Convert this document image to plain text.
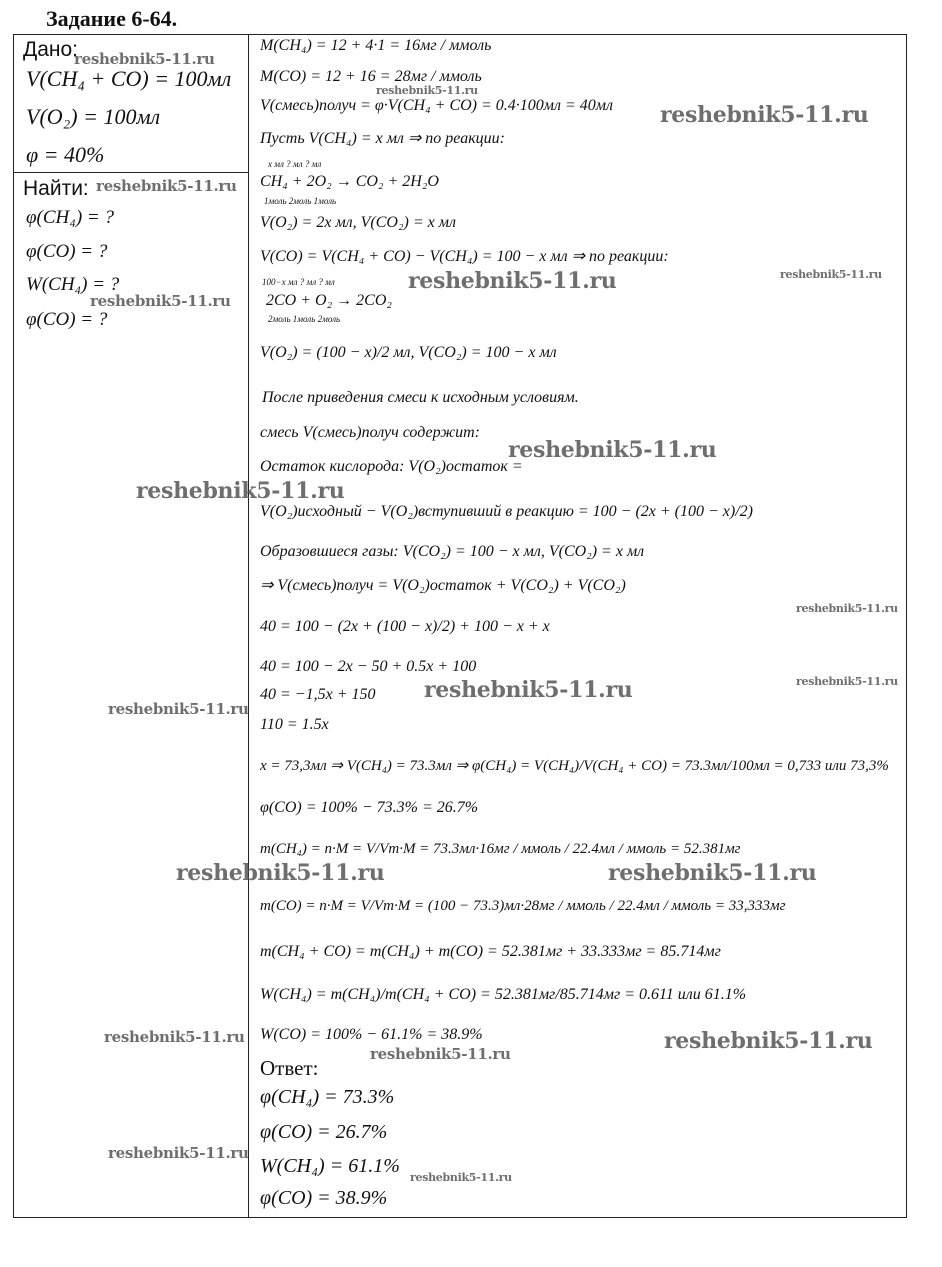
Задание 6-64.
Дано:
V(CH₄ + CO) = 100мл
V(O₂) = 100мл
φ = 40%
Найти:
φ(CH₄) = ?
φ(CO) = ?
W(CH₄) = ?
φ(CO) = ?
M(CH₄) = 12 + 4·1 = 16мг / ммоль
M(CO) = 12 + 16 = 28мг / ммоль
V(смесь)получ = φ·V(CH₄ + CO) = 0.4·100мл = 40мл
Пусть V(CH₄) = x мл ⇒ по реакции:
x мл ? мл ? мл
CH₄ + 2O₂ → CO₂ + 2H₂O
1моль 2моль 1моль
V(O₂) = 2x мл, V(CO₂) = x мл
V(CO) = V(CH₄ + CO) − V(CH₄) = 100 − x мл ⇒ по реакции:
100−x мл ? мл ? мл
2CO + O₂ → 2CO₂
2моль 1моль 2моль
V(O₂) = (100 − x)/2 мл, V(CO₂) = 100 − x мл
После приведения смеси к исходным условиям.
смесь V(смесь)получ содержит:
Остаток кислорода: V(O₂)остаток =
V(O₂)исходный − V(O₂)вступивший в реакцию = 100 − (2x + (100 − x)/2)
Образовшиеся газы: V(CO₂) = 100 − x мл, V(CO₂) = x мл
⇒ V(смесь)получ = V(O₂)остаток + V(CO₂) + V(CO₂)
40 = 100 − (2x + (100 − x)/2) + 100 − x + x
40 = 100 − 2x − 50 + 0.5x + 100
40 = −1,5x + 150
110 = 1.5x
x = 73,3мл ⇒ V(CH₄) = 73.3мл ⇒ φ(CH₄) = V(CH₄)/V(CH₄ + CO) = 73.3мл/100мл = 0,733 или 73,3%
φ(CO) = 100% − 73.3% = 26.7%
m(CH₄) = n·M = V/Vm·M = 73.3мл·16мг / ммоль / 22.4мл / ммоль = 52.381мг
m(CO) = n·M = V/Vm·M = (100 − 73.3)мл·28мг / ммоль / 22.4мл / ммоль = 33,333мг
m(CH₄ + CO) = m(CH₄) + m(CO) = 52.381мг + 33.333мг = 85.714мг
W(CH₄) = m(CH₄)/m(CH₄ + CO) = 52.381мг/85.714мг = 0.611 или 61.1%
W(CO) = 100% − 61.1% = 38.9%
Ответ:
φ(CH₄) = 73.3%
φ(CO) = 26.7%
W(CH₄) = 61.1%
φ(CO) = 38.9%
reshebnik5-11.ru
reshebnik5-11.ru
reshebnik5-11.ru
reshebnik5-11.ru
reshebnik5-11.ru
reshebnik5-11.ru	reshebnik5-11.ru
reshebnik5-11.ru
reshebnik5-11.ru
reshebnik5-11.ru
reshebnik5-11.ru
reshebnik5-11.ru
reshebnik5-11.ru
reshebnik5-11.ru	reshebnik5-11.ru
reshebnik5-11.ru
reshebnik5-11.ru	reshebnik5-11.ru
reshebnik5-11.ru
reshebnik5-11.ru
